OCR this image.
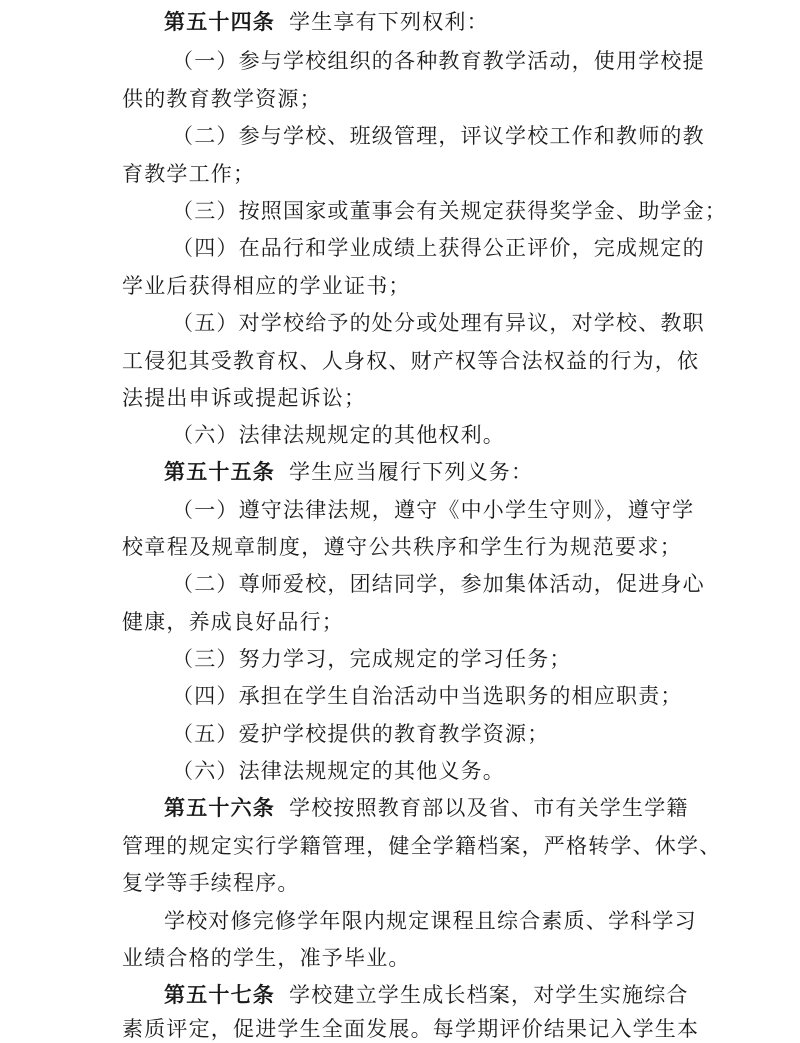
第五十四条 学生享有下列权利：
（一）参与学校组织的各种教育教学活动，使用学校提
供的教育教学资源；
（二）参与学校、班级管理，评议学校工作和教师的教
育教学工作；
（三）按照国家或董事会有关规定获得奖学金、助学金；
（四）在品行和学业成绩上获得公正评价，完成规定的
学业后获得相应的学业证书；
（五）对学校给予的处分或处理有异议，对学校、教职
工侵犯其受教育权、人身权、财产权等合法权益的行为，依
法提出申诉或提起诉讼；
（六）法律法规规定的其他权利。
第五十五条 学生应当履行下列义务：
（一）遵守法律法规，遵守《中小学生守则》，遵守学
校章程及规章制度，遵守公共秩序和学生行为规范要求；
（二）尊师爱校，团结同学，参加集体活动，促进身心
健康，养成良好品行；
（三）努力学习，完成规定的学习任务；
（四）承担在学生自治活动中当选职务的相应职责；
（五）爱护学校提供的教育教学资源；
（六）法律法规规定的其他义务。
第五十六条 学校按照教育部以及省、市有关学生学籍
管理的规定实行学籍管理，健全学籍档案，严格转学、休学、
复学等手续程序。
学校对修完修学年限内规定课程且综合素质、学科学习
业绩合格的学生，准予毕业。
第五十七条 学校建立学生成长档案，对学生实施综合
素质评定，促进学生全面发展。每学期评价结果记入学生本
